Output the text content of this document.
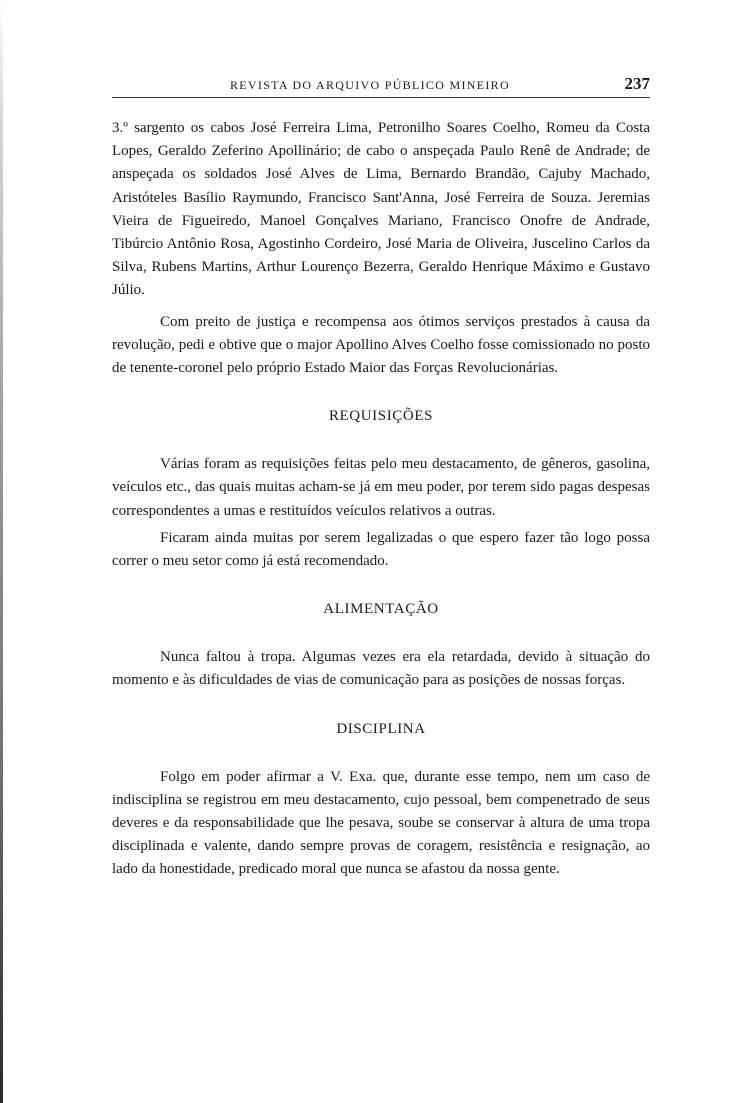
REVISTA DO ARQUIVO PÚBLICO MINEIRO	237

3.º sargento os cabos José Ferreira Lima, Petronilho Soares Coelho, Romeu da Costa Lopes, Geraldo Zeferino Apollinário; de cabo o anspeçada Paulo Renê de Andrade; de anspeçada os soldados José Alves de Lima, Bernardo Brandão, Cajuby Machado, Aristóteles Basílio Raymundo, Francisco Sant'Anna, José Ferreira de Souza. Jeremias Vieira de Figueiredo, Manoel Gonçalves Mariano, Francisco Onofre de Andrade, Tibúrcio Antônio Rosa, Agostinho Cordeiro, José Maria de Oliveira, Juscelino Carlos da Silva, Rubens Martins, Arthur Lourenço Bezerra, Geraldo Henrique Máximo e Gustavo Júlio.

Com preito de justiça e recompensa aos ótimos serviços prestados à causa da revolução, pedi e obtive que o major Apollino Alves Coelho fosse comissionado no posto de tenente-coronel pelo próprio Estado Maior das Forças Revolucionárias.

REQUISIÇÕES

Várias foram as requisições feitas pelo meu destacamento, de gêneros, gasolina, veículos etc., das quais muitas acham-se já em meu poder, por terem sido pagas despesas correspondentes a umas e restituídos veículos relativos a outras.

Ficaram ainda muitas por serem legalizadas o que espero fazer tão logo possa correr o meu setor como já está recomendado.

ALIMENTAÇÃO

Nunca faltou à tropa. Algumas vezes era ela retardada, devido à situação do momento e às dificuldades de vias de comunicação para as posições de nossas forças.

DISCIPLINA

Folgo em poder afirmar a V. Exa. que, durante esse tempo, nem um caso de indisciplina se registrou em meu destacamento, cujo pessoal, bem compenetrado de seus deveres e da responsabilidade que lhe pesava, soube se conservar à altura de uma tropa disciplinada e valente, dando sempre provas de coragem, resistência e resignação, ao lado da honestidade, predicado moral que nunca se afastou da nossa gente.
